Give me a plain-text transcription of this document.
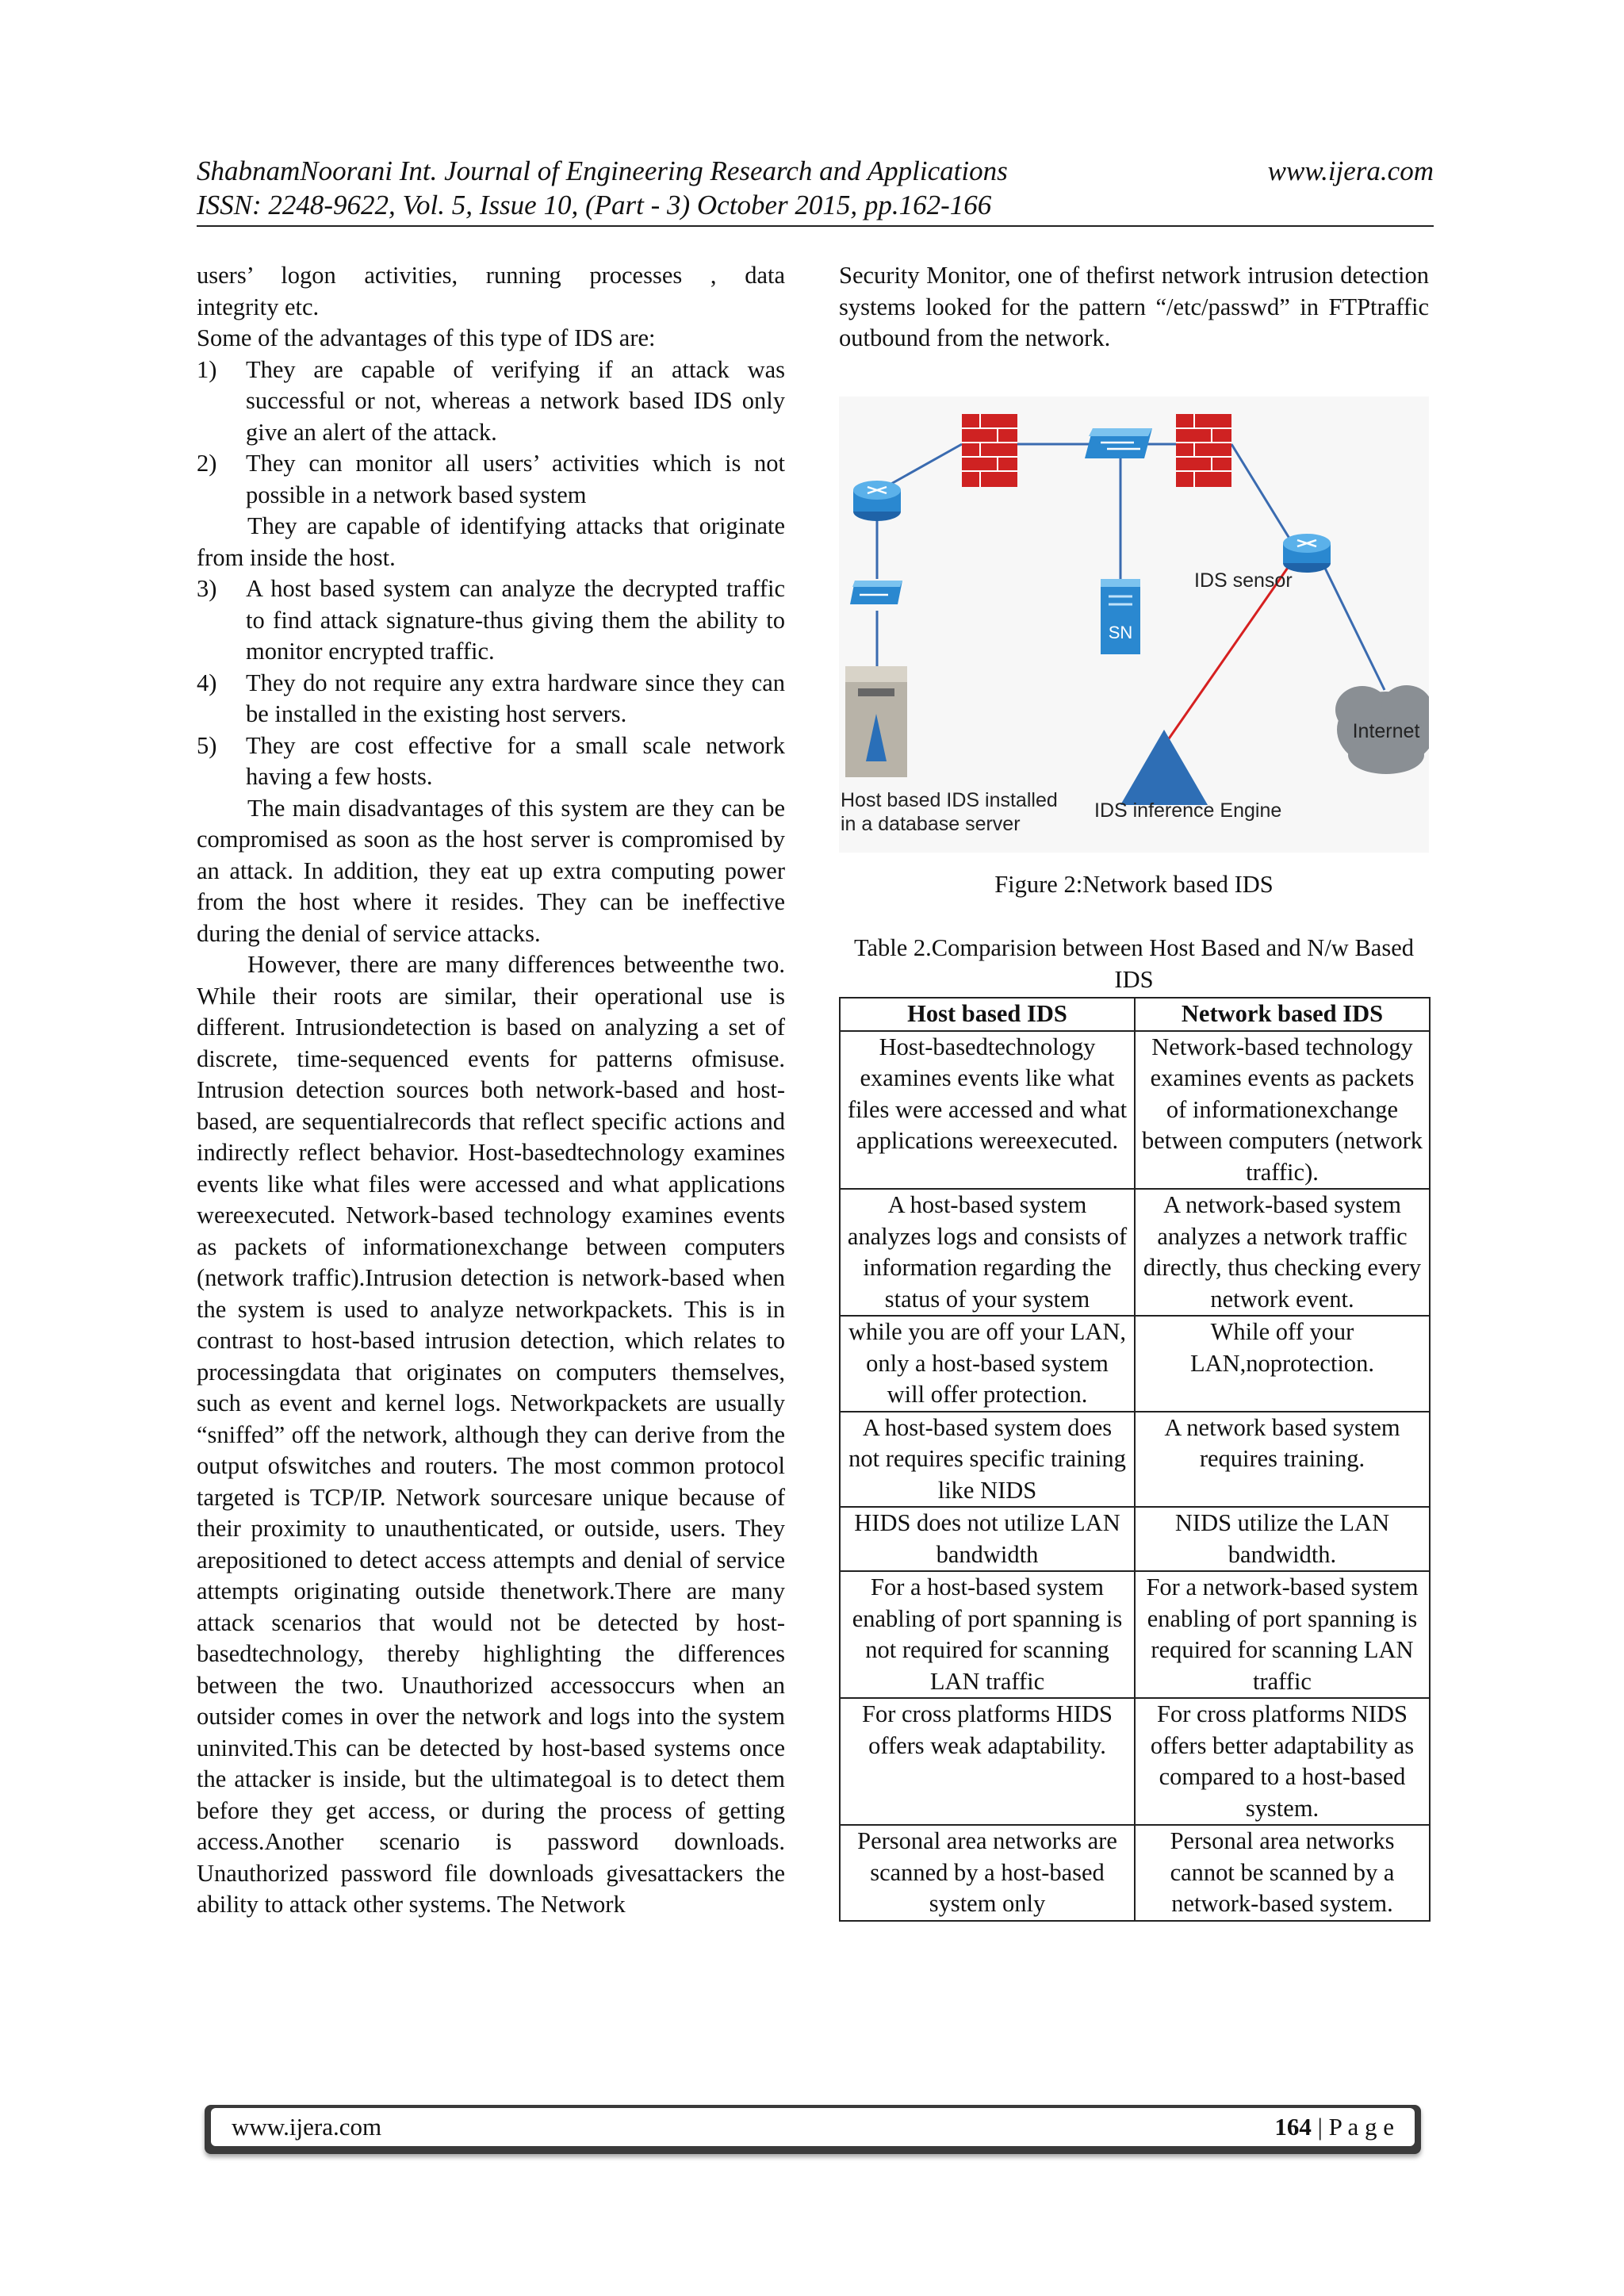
ShabnamNoorani Int. Journal of Engineering Research and Applications	www.ijera.com
ISSN: 2248-9622, Vol. 5, Issue 10, (Part - 3) October 2015, pp.162-166

users’ logon activities, running processes , data

integrity etc.

Some of the advantages of this type of IDS are:

1) They are capable of verifying if an attack was successful or not, whereas a network based IDS only give an alert of the attack.
2) They can monitor all users’ activities which is not possible in a network based system

They are capable of identifying attacks that originate from inside the host.

3) A host based system can analyze the decrypted traffic to find attack signature-thus giving them the ability to monitor encrypted traffic.
4) They do not require any extra hardware since they can be installed in the existing host servers.
5) They are cost effective for a small scale network having a few hosts.

The main disadvantages of this system are they can be compromised as soon as the host server is compromised by an attack. In addition, they eat up extra computing power from the host where it resides. They can be ineffective during the denial of service attacks.

However, there are many differences betweenthe two. While their roots are similar, their operational use is different. Intrusiondetection is based on analyzing a set of discrete, time-sequenced events for patterns ofmisuse. Intrusion detection sources both network-based and host-based, are sequentialrecords that reflect specific actions and indirectly reflect behavior. Host-basedtechnology examines events like what files were accessed and what applications wereexecuted. Network-based technology examines events as packets of informationexchange between computers (network traffic).Intrusion detection is network-based when the system is used to analyze networkpackets. This is in contrast to host-based intrusion detection, which relates to processingdata that originates on computers themselves, such as event and kernel logs. Networkpackets are usually “sniffed” off the network, although they can derive from the output ofswitches and routers. The most common protocol targeted is TCP/IP. Network sourcesare unique because of their proximity to unauthenticated, or outside, users. They arepositioned to detect access attempts and denial of service attempts originating outside thenetwork.There are many attack scenarios that would not be detected by host-basedtechnology, thereby highlighting the differences between the two. Unauthorized accessoccurs when an outsider comes in over the network and logs into the system uninvited.This can be detected by host-based systems once the attacker is inside, but the ultimategoal is to detect them before they get access, or during the process of getting access.Another scenario is password downloads. Unauthorized password file downloads givesattackers the ability to attack other systems. The Network

Security Monitor, one of thefirst network intrusion detection systems looked for the pattern “/etc/passwd” in FTPtraffic outbound from the network.

SN
IDS sensor
Internet
Host based IDS installed
in a database server
IDS inference Engine
Figure 2:Network based IDS
Table 2.Comparision between Host Based and N/w Based IDS
Host based IDS	Network based IDS
Host-basedtechnology examines events like what files were accessed and what applications wereexecuted.	Network-based technology examines events as packets of informationexchange between computers (network traffic).
A host-based system analyzes logs and consists of information regarding the status of your system	A network-based system analyzes a network traffic directly, thus checking every network event.
while you are off your LAN, only a host-based system will offer protection.	While off your LAN,noprotection.
A host-based system does not requires specific training like NIDS	A network based system requires training.
HIDS does not utilize LAN bandwidth	NIDS utilize the LAN bandwidth.
For a host-based system enabling of port spanning is not required for scanning LAN traffic	For a network-based system enabling of port spanning is required for scanning LAN traffic
For cross platforms HIDS offers weak adaptability.	For cross platforms NIDS offers better adaptability as compared to a host-based system.
Personal area networks are scanned by a host-based system only	Personal area networks cannot be scanned by a network-based system.
www.ijera.com	164 | P a g e
